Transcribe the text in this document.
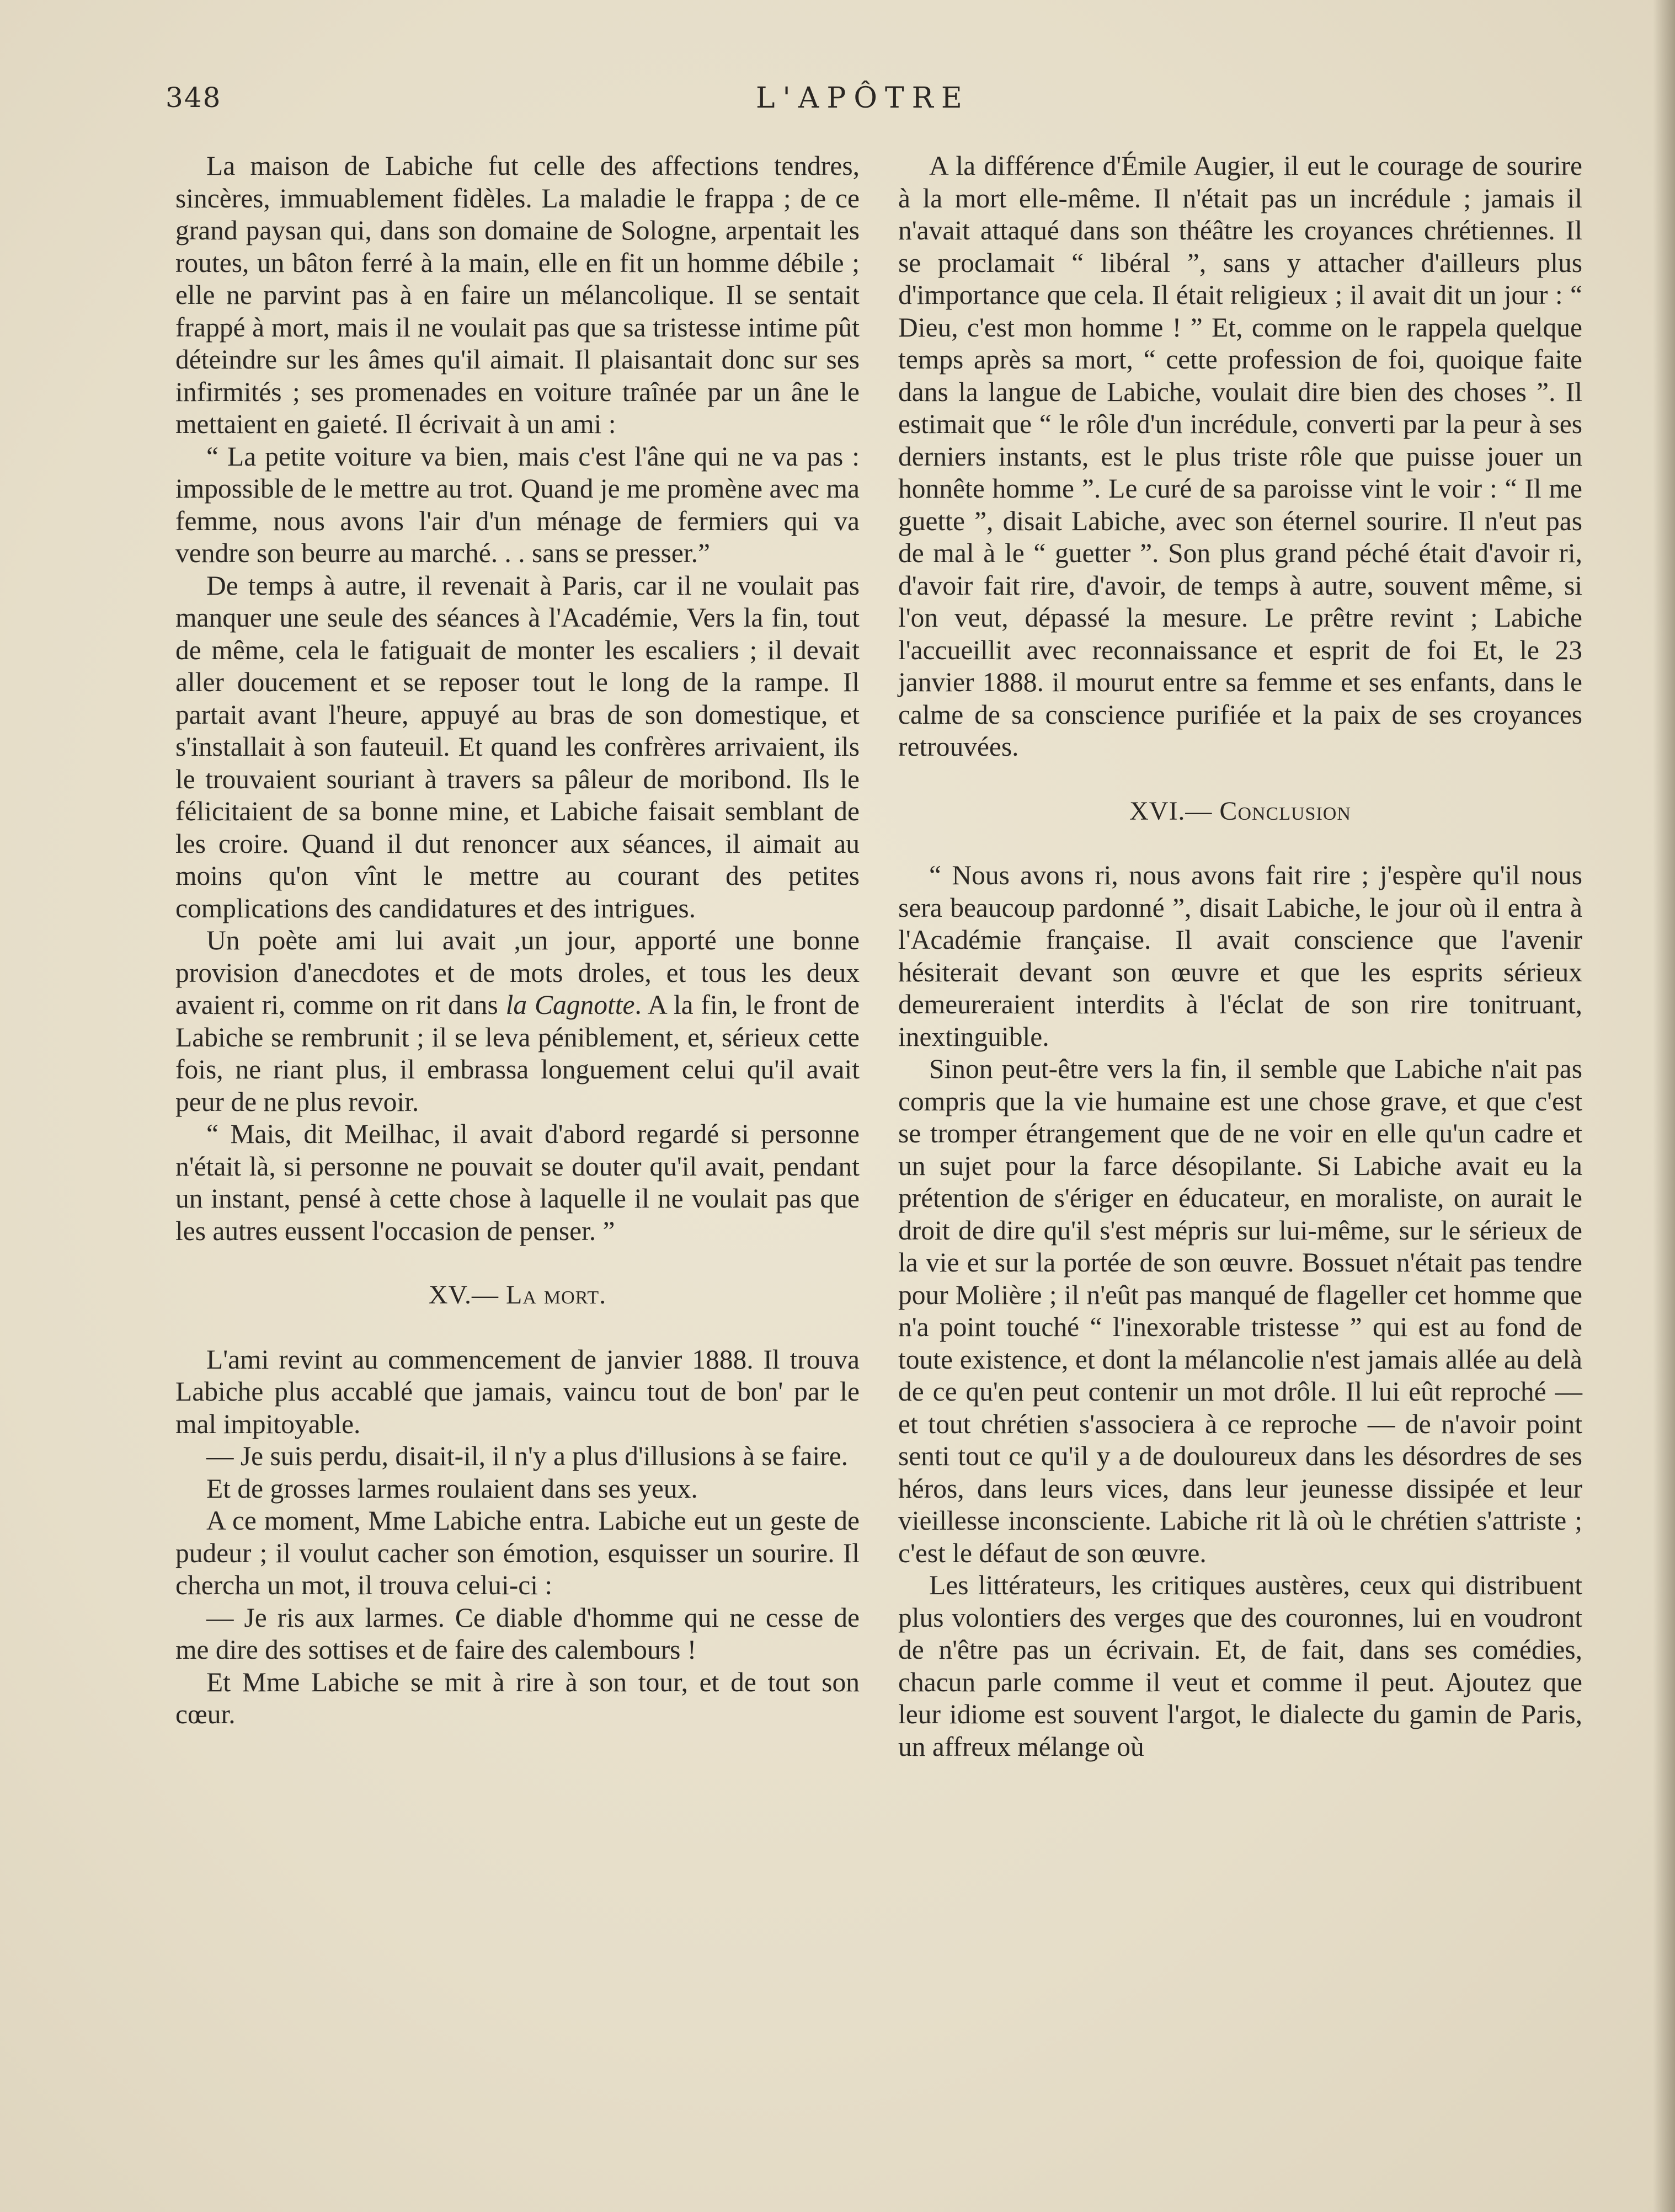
348	L'APÔTRE

La maison de Labiche fut celle des affections tendres, sincères, immuablement fidèles. La maladie le frappa ; de ce grand paysan qui, dans son domaine de Sologne, arpentait les routes, un bâton ferré à la main, elle en fit un homme débile ; elle ne parvint pas à en faire un mélancolique. Il se sentait frappé à mort, mais il ne voulait pas que sa tristesse intime pût déteindre sur les âmes qu'il aimait. Il plaisantait donc sur ses infirmités ; ses promenades en voiture traînée par un âne le mettaient en gaieté. Il écrivait à un ami :

“ La petite voiture va bien, mais c'est l'âne qui ne va pas : impossible de le mettre au trot. Quand je me promène avec ma femme, nous avons l'air d'un ménage de fermiers qui va vendre son beurre au marché. . . sans se presser.”

De temps à autre, il revenait à Paris, car il ne voulait pas manquer une seule des séances à l'Académie, Vers la fin, tout de même, cela le fatiguait de monter les escaliers ; il devait aller doucement et se reposer tout le long de la rampe. Il partait avant l'heure, appuyé au bras de son domestique, et s'installait à son fauteuil. Et quand les confrères arrivaient, ils le trouvaient souriant à travers sa pâleur de moribond. Ils le félicitaient de sa bonne mine, et Labiche faisait semblant de les croire. Quand il dut renoncer aux séances, il aimait au moins qu'on vînt le mettre au courant des petites complications des candidatures et des intrigues.

Un poète ami lui avait ,un jour, apporté une bonne provision d'anecdotes et de mots droles, et tous les deux avaient ri, comme on rit dans la Cagnotte. A la fin, le front de Labiche se rembrunit ; il se leva péniblement, et, sérieux cette fois, ne riant plus, il embrassa longuement celui qu'il avait peur de ne plus revoir.

“ Mais, dit Meilhac, il avait d'abord regardé si personne n'était là, si personne ne pouvait se douter qu'il avait, pendant un instant, pensé à cette chose à laquelle il ne voulait pas que les autres eussent l'occasion de penser. ”

XV.— La mort.

L'ami revint au commencement de janvier 1888. Il trouva Labiche plus accablé que jamais, vaincu tout de bon' par le mal impitoyable.

— Je suis perdu, disait-il, il n'y a plus d'illusions à se faire.

Et de grosses larmes roulaient dans ses yeux.

A ce moment, Mme Labiche entra. Labiche eut un geste de pudeur ; il voulut cacher son émotion, esquisser un sourire. Il chercha un mot, il trouva celui-ci :

— Je ris aux larmes. Ce diable d'homme qui ne cesse de me dire des sottises et de faire des calembours !

Et Mme Labiche se mit à rire à son tour, et de tout son cœur.

A la différence d'Émile Augier, il eut le courage de sourire à la mort elle-même. Il n'était pas un incrédule ; jamais il n'avait attaqué dans son théâtre les croyances chrétiennes. Il se proclamait “ libéral ”, sans y attacher d'ailleurs plus d'importance que cela. Il était religieux ; il avait dit un jour : “ Dieu, c'est mon homme ! ” Et, comme on le rappela quelque temps après sa mort, “ cette profession de foi, quoique faite dans la langue de Labiche, voulait dire bien des choses ”. Il estimait que “ le rôle d'un incrédule, converti par la peur à ses derniers instants, est le plus triste rôle que puisse jouer un honnête homme ”. Le curé de sa paroisse vint le voir : “ Il me guette ”, disait Labiche, avec son éternel sourire. Il n'eut pas de mal à le “ guetter ”. Son plus grand péché était d'avoir ri, d'avoir fait rire, d'avoir, de temps à autre, souvent même, si l'on veut, dépassé la mesure. Le prêtre revint ; Labiche l'accueillit avec reconnaissance et esprit de foi Et, le 23 janvier 1888. il mourut entre sa femme et ses enfants, dans le calme de sa conscience purifiée et la paix de ses croyances retrouvées.

XVI.— Conclusion

“ Nous avons ri, nous avons fait rire ; j'espère qu'il nous sera beaucoup pardonné ”, disait Labiche, le jour où il entra à l'Académie française. Il avait conscience que l'avenir hésiterait devant son œuvre et que les esprits sérieux demeureraient interdits à l'éclat de son rire tonitruant, inextinguible.

Sinon peut-être vers la fin, il semble que Labiche n'ait pas compris que la vie humaine est une chose grave, et que c'est se tromper étrangement que de ne voir en elle qu'un cadre et un sujet pour la farce désopilante. Si Labiche avait eu la prétention de s'ériger en éducateur, en moraliste, on aurait le droit de dire qu'il s'est mépris sur lui-même, sur le sérieux de la vie et sur la portée de son œuvre. Bossuet n'était pas tendre pour Molière ; il n'eût pas manqué de flageller cet homme que n'a point touché “ l'inexorable tristesse ” qui est au fond de toute existence, et dont la mélancolie n'est jamais allée au delà de ce qu'en peut contenir un mot drôle. Il lui eût reproché — et tout chrétien s'associera à ce reproche — de n'avoir point senti tout ce qu'il y a de douloureux dans les désordres de ses héros, dans leurs vices, dans leur jeunesse dissipée et leur vieillesse inconsciente. Labiche rit là où le chrétien s'attriste ; c'est le défaut de son œuvre.

Les littérateurs, les critiques austères, ceux qui distribuent plus volontiers des verges que des couronnes, lui en voudront de n'être pas un écrivain. Et, de fait, dans ses comédies, chacun parle comme il veut et comme il peut. Ajoutez que leur idiome est souvent l'argot, le dialecte du gamin de Paris, un affreux mélange où
